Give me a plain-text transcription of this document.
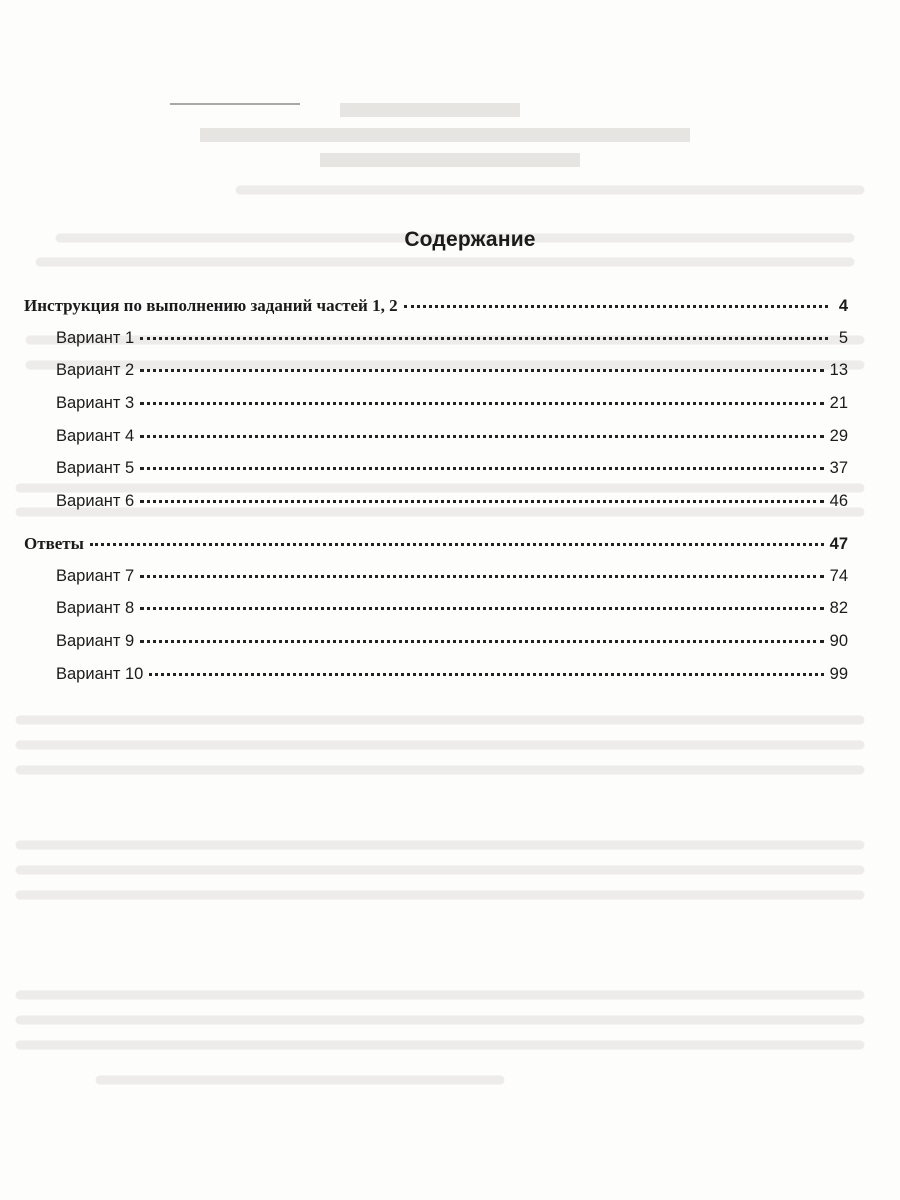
Содержание
Инструкция по выполнению заданий частей 1, 2	4
Вариант 1	5
Вариант 2	13
Вариант 3	21
Вариант 4	29
Вариант 5	37
Вариант 6	46
Ответы	47
Вариант 7	74
Вариант 8	82
Вариант 9	90
Вариант 10	99
